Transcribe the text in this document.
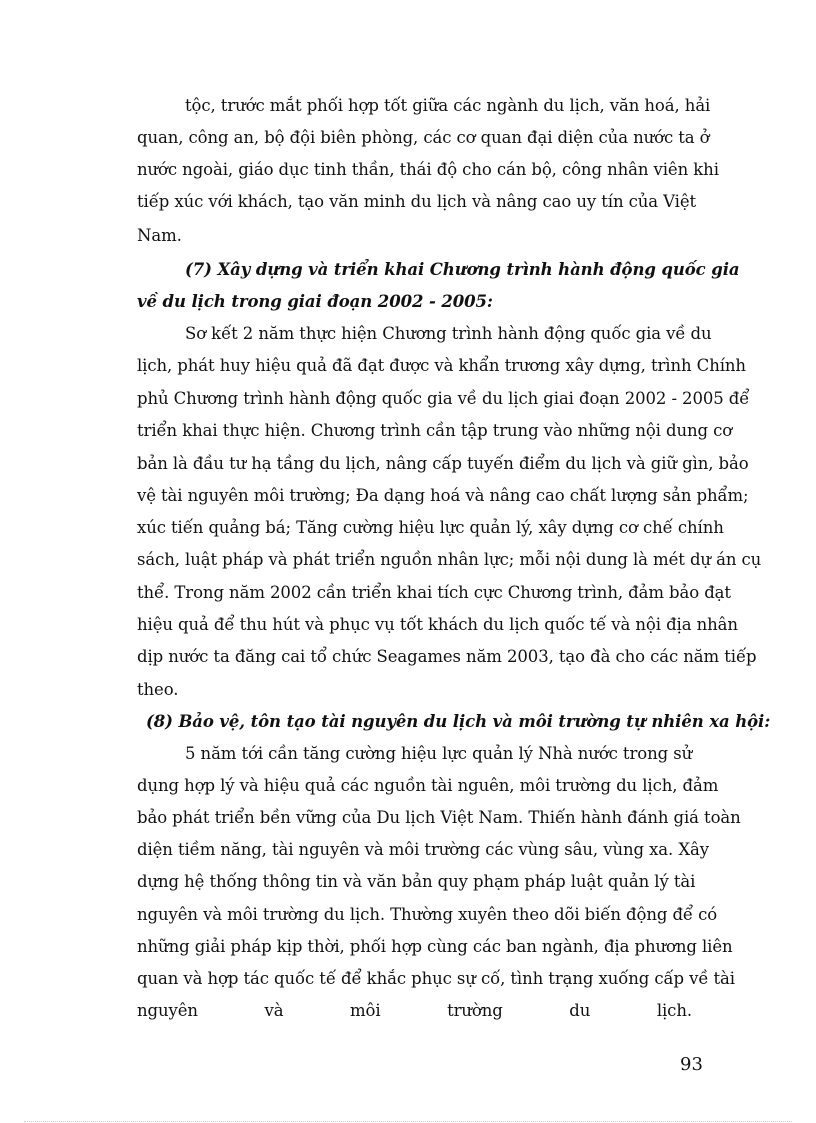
tộc, trước mắt phối hợp tốt giữa các ngành du lịch, văn hoá, hải
quan, công an, bộ đội biên phòng, các cơ quan đại diện của nước ta ở
nước ngoài, giáo dục tinh thần, thái độ cho cán bộ, công nhân viên khi
tiếp xúc với khách, tạo văn minh du lịch và nâng cao uy tín của Việt
Nam.
(7) Xây dựng và triển khai Chương trình hành động quốc gia
về du lịch trong giai đoạn 2002 - 2005:
Sơ kết 2 năm thực hiện Chương trình hành động quốc gia về du
lịch, phát huy hiệu quả đã đạt được và khẩn trương xây dựng, trình Chính
phủ Chương trình hành động quốc gia về du lịch giai đoạn 2002 - 2005 để
triển khai thực hiện. Chương trình cần tập trung vào những nội dung cơ
bản là đầu tư hạ tầng du lịch, nâng cấp tuyến điểm du lịch và giữ gìn, bảo
vệ tài nguyên môi trường; Đa dạng hoá và nâng cao chất lượng sản phẩm;
xúc tiến quảng bá; Tăng cường hiệu lực quản lý, xây dựng cơ chế chính
sách, luật pháp và phát triển nguồn nhân lực; mỗi nội dung là mét dự án cụ
thể. Trong năm 2002 cần triển khai tích cực Chương trình, đảm bảo đạt
hiệu quả để thu hút và phục vụ tốt khách du lịch quốc tế và nội địa nhân
dịp nước ta đăng cai tổ chức Seagames năm 2003, tạo đà cho các năm tiếp
theo.
(8) Bảo vệ, tôn tạo tài nguyên du lịch và môi trường tự nhiên xa hội:
5 năm tới cần tăng cường hiệu lực quản lý Nhà nước trong sử
dụng hợp lý và hiệu quả các nguồn tài nguên, môi trường du lịch, đảm
bảo phát triển bền vững của Du lịch Việt Nam. Thiến hành đánh giá toàn
diện tiềm năng, tài nguyên và môi trường các vùng sâu, vùng xa. Xây
dựng hệ thống thông tin và văn bản quy phạm pháp luật quản lý tài
nguyên và môi trường du lịch. Thường xuyên theo dõi biến động để có
những giải pháp kịp thời, phối hợp cùng các ban ngành, địa phương liên
quan và hợp tác quốc tế để khắc phục sự cố, tình trạng xuống cấp về tài
nguyên và môi trường du lịch.
93
